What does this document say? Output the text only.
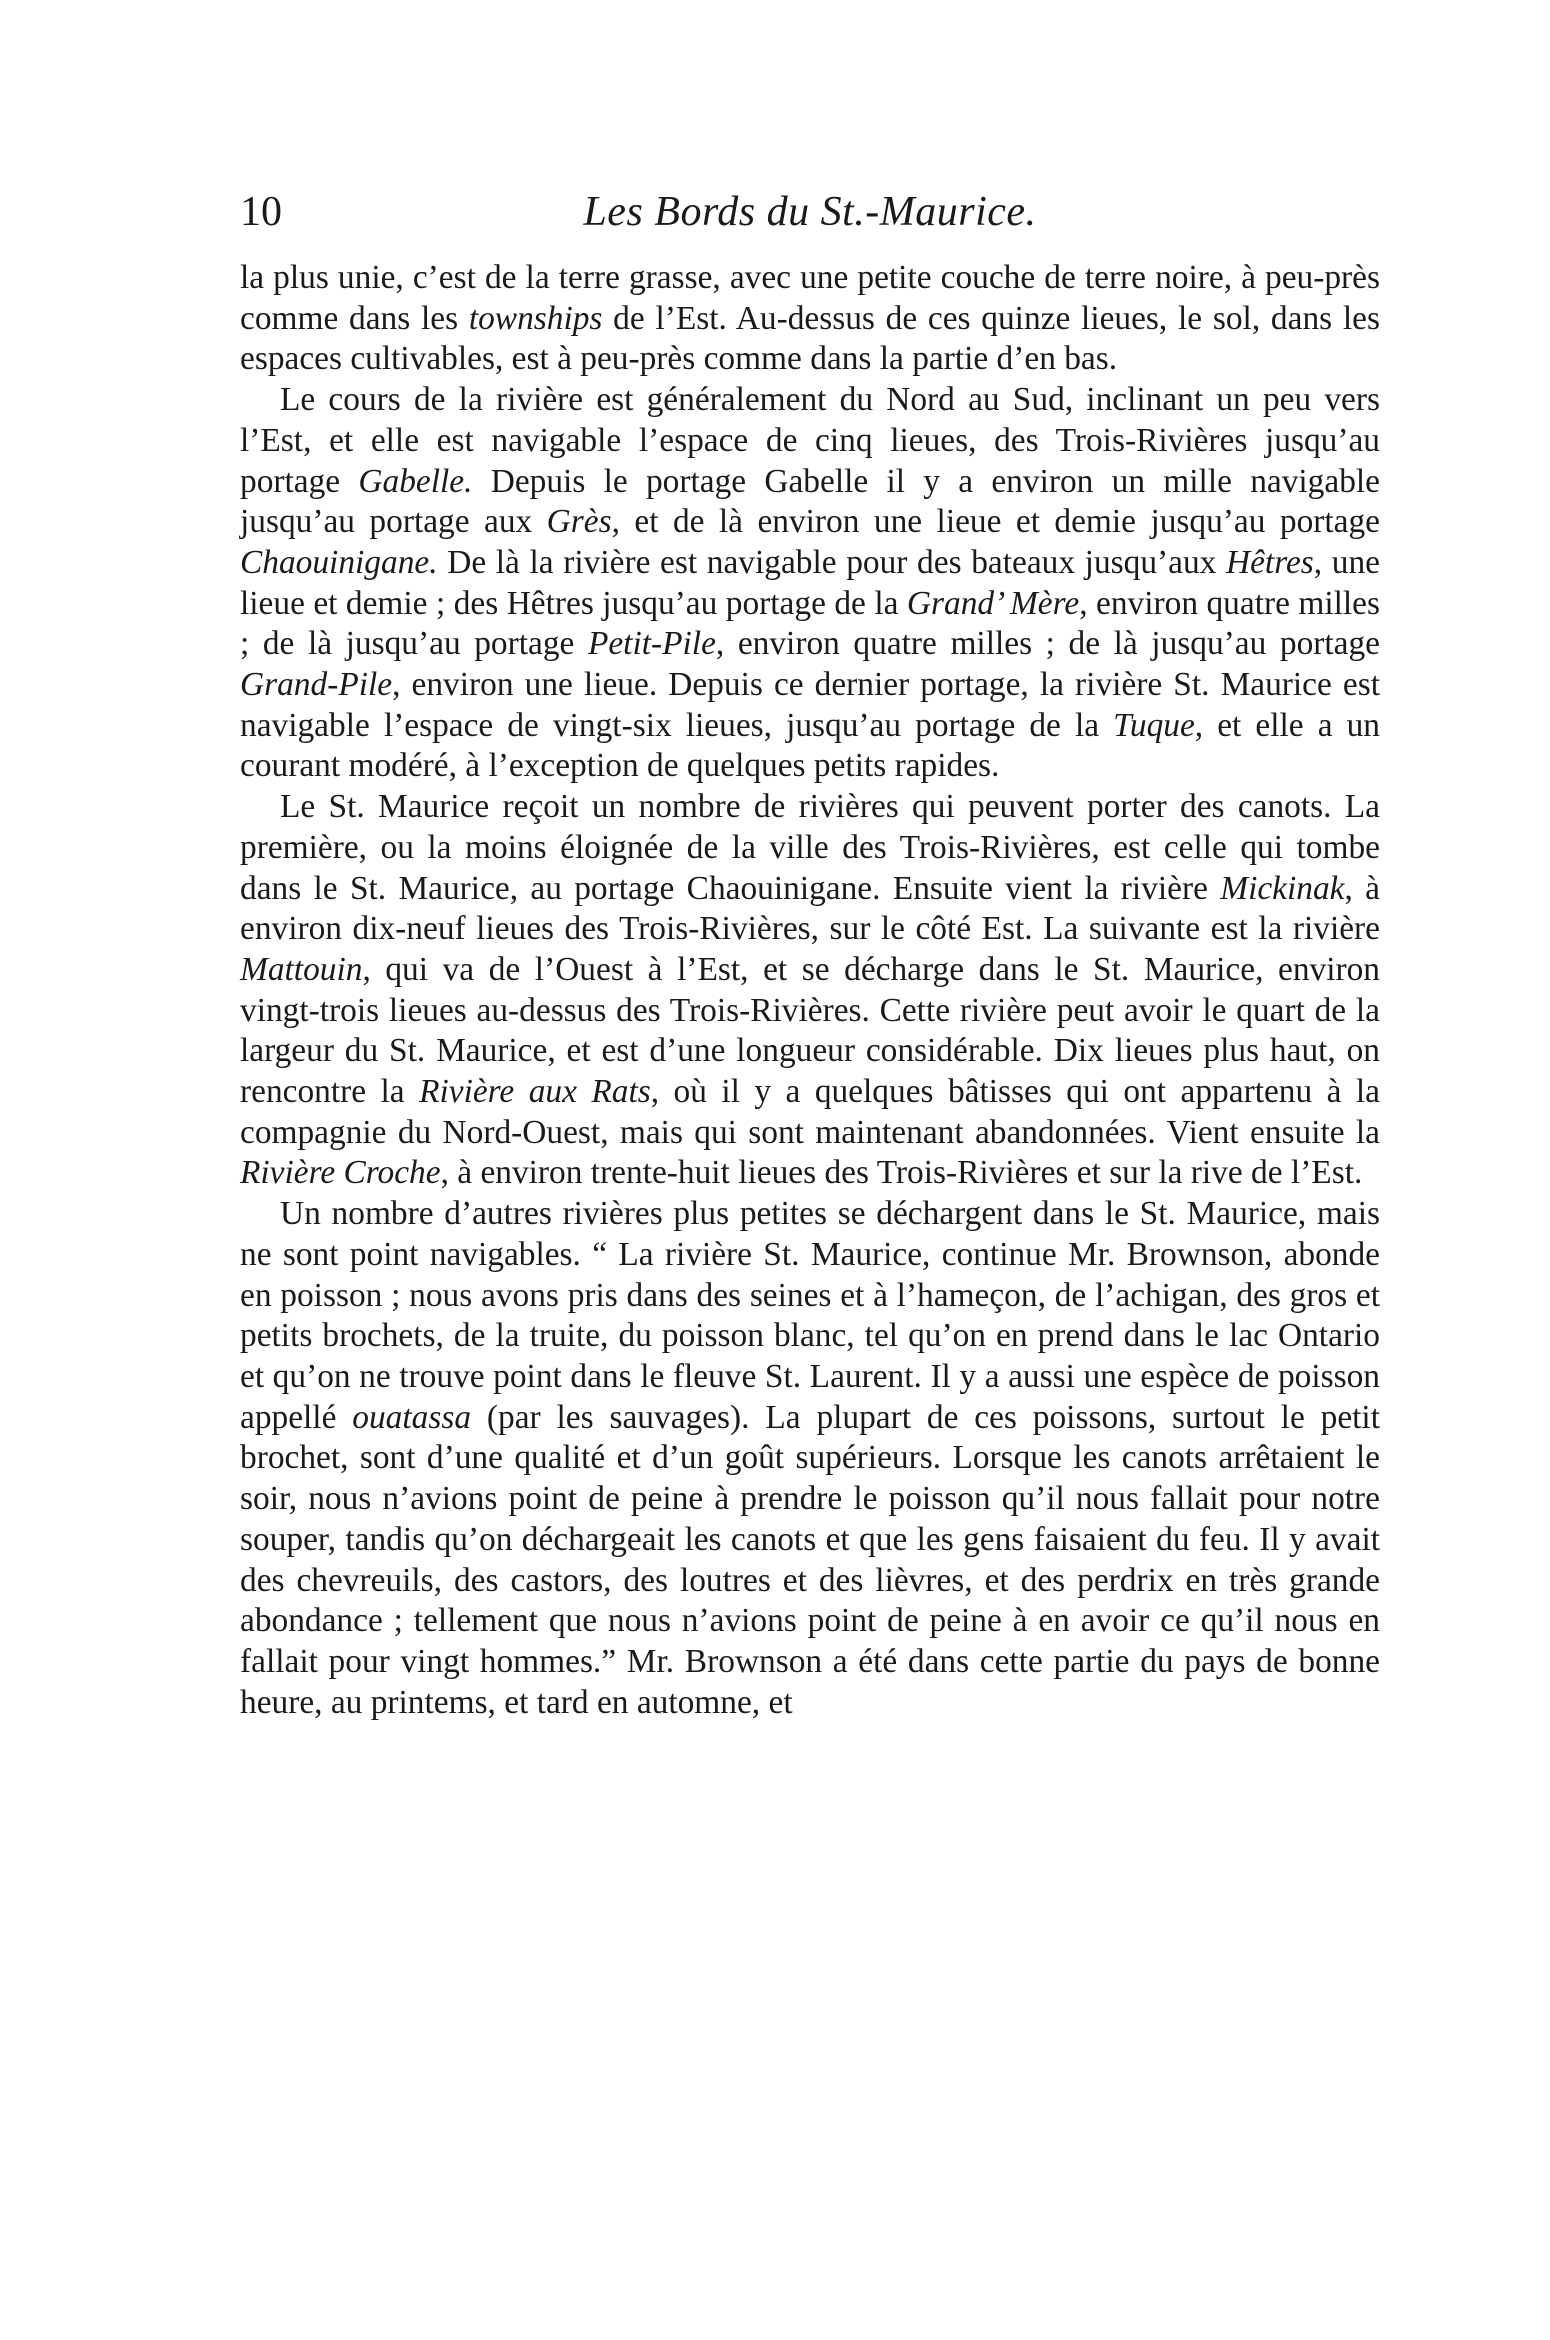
10	Les Bords du St.-Maurice.

la plus unie, c’est de la terre grasse, avec une petite couche de terre noire, à peu-près comme dans les townships de l’Est. Au-dessus de ces quinze lieues, le sol, dans les espaces cultivables, est à peu-près comme dans la partie d’en bas.

Le cours de la rivière est généralement du Nord au Sud, inclinant un peu vers l’Est, et elle est navigable l’espace de cinq lieues, des Trois-Rivières jusqu’au portage Gabelle. Depuis le portage Gabelle il y a environ un mille navigable jusqu’au portage aux Grès, et de là environ une lieue et demie jusqu’au portage Chaouinigane. De là la rivière est navigable pour des bateaux jusqu’aux Hêtres, une lieue et demie ; des Hêtres jusqu’au portage de la Grand’ Mère, environ quatre milles ; de là jusqu’au portage Petit-Pile, environ quatre milles ; de là jusqu’au portage Grand-Pile, environ une lieue. Depuis ce dernier portage, la rivière St. Maurice est navigable l’espace de vingt-six lieues, jusqu’au portage de la Tuque, et elle a un courant modéré, à l’exception de quelques petits rapides.

Le St. Maurice reçoit un nombre de rivières qui peuvent porter des canots. La première, ou la moins éloignée de la ville des Trois-Rivières, est celle qui tombe dans le St. Maurice, au portage Chaouinigane. Ensuite vient la rivière Mickinak, à environ dix-neuf lieues des Trois-Rivières, sur le côté Est. La suivante est la rivière Mattouin, qui va de l’Ouest à l’Est, et se décharge dans le St. Maurice, environ vingt-trois lieues au-dessus des Trois-Rivières. Cette rivière peut avoir le quart de la largeur du St. Maurice, et est d’une longueur considérable. Dix lieues plus haut, on rencontre la Rivière aux Rats, où il y a quelques bâtisses qui ont appartenu à la compagnie du Nord-Ouest, mais qui sont maintenant abandonnées. Vient ensuite la Rivière Croche, à environ trente-huit lieues des Trois-Rivières et sur la rive de l’Est.

Un nombre d’autres rivières plus petites se déchargent dans le St. Maurice, mais ne sont point navigables. “ La rivière St. Maurice, continue Mr. Brownson, abonde en poisson ; nous avons pris dans des seines et à l’hameçon, de l’achigan, des gros et petits brochets, de la truite, du poisson blanc, tel qu’on en prend dans le lac Ontario et qu’on ne trouve point dans le fleuve St. Laurent. Il y a aussi une espèce de poisson appellé ouatassa (par les sauvages). La plupart de ces poissons, surtout le petit brochet, sont d’une qualité et d’un goût supérieurs. Lorsque les canots arrêtaient le soir, nous n’avions point de peine à prendre le poisson qu’il nous fallait pour notre souper, tandis qu’on déchargeait les canots et que les gens faisaient du feu. Il y avait des chevreuils, des castors, des loutres et des lièvres, et des perdrix en très grande abondance ; tellement que nous n’avions point de peine à en avoir ce qu’il nous en fallait pour vingt hommes.” Mr. Brownson a été dans cette partie du pays de bonne heure, au printems, et tard en automne, et
